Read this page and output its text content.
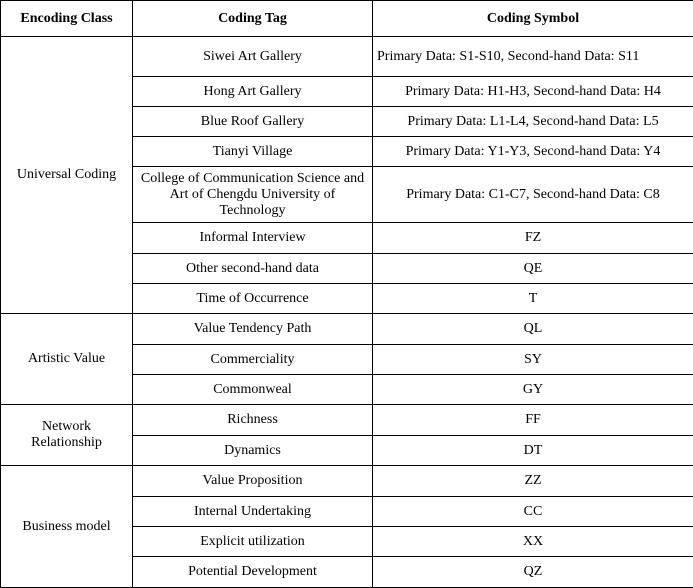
Encoding Class	Coding Tag	Coding Symbol
Universal Coding	Siwei Art Gallery	Primary Data: S1-S10, Second-hand Data: S11
	Hong Art Gallery	Primary Data: H1-H3, Second-hand Data: H4
	Blue Roof Gallery	Primary Data: L1-L4, Second-hand Data: L5
	Tianyi Village	Primary Data: Y1-Y3, Second-hand Data: Y4
	College of Communication Science and Art of Chengdu University of Technology	Primary Data: C1-C7, Second-hand Data: C8
	Informal Interview	FZ
	Other second-hand data	QE
	Time of Occurrence	T
Artistic Value	Value Tendency Path	QL
	Commerciality	SY
	Commonweal	GY
Network Relationship	Richness	FF
	Dynamics	DT
Business model	Value Proposition	ZZ
	Internal Undertaking	CC
	Explicit utilization	XX
	Potential Development	QZ
